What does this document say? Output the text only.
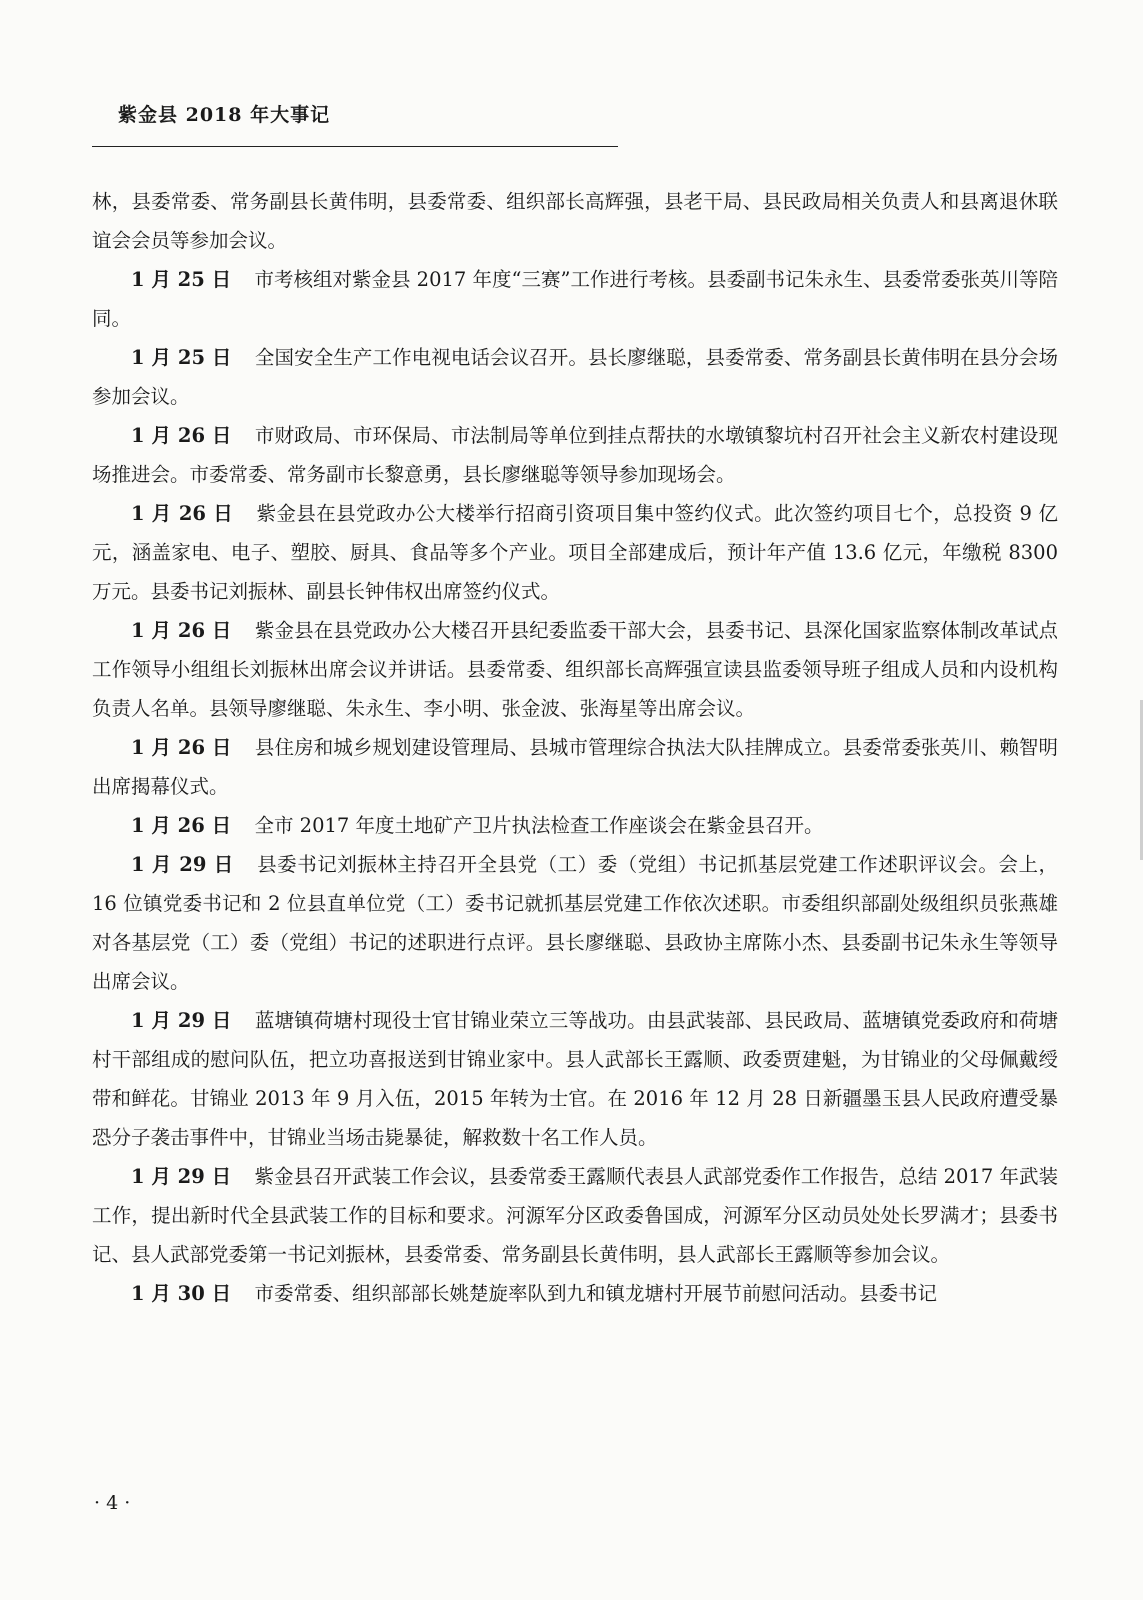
紫金县 2018 年大事记

林，县委常委、常务副县长黄伟明，县委常委、组织部长高辉强，县老干局、县民政局相关负责人和县离退休联谊会会员等参加会议。

1 月 25 日 市考核组对紫金县 2017 年度“三赛”工作进行考核。县委副书记朱永生、县委常委张英川等陪同。

1 月 25 日 全国安全生产工作电视电话会议召开。县长廖继聪，县委常委、常务副县长黄伟明在县分会场参加会议。

1 月 26 日 市财政局、市环保局、市法制局等单位到挂点帮扶的水墩镇黎坑村召开社会主义新农村建设现场推进会。市委常委、常务副市长黎意勇，县长廖继聪等领导参加现场会。

1 月 26 日 紫金县在县党政办公大楼举行招商引资项目集中签约仪式。此次签约项目七个，总投资 9 亿元，涵盖家电、电子、塑胶、厨具、食品等多个产业。项目全部建成后，预计年产值 13.6 亿元，年缴税 8300 万元。县委书记刘振林、副县长钟伟权出席签约仪式。

1 月 26 日 紫金县在县党政办公大楼召开县纪委监委干部大会，县委书记、县深化国家监察体制改革试点工作领导小组组长刘振林出席会议并讲话。县委常委、组织部长高辉强宣读县监委领导班子组成人员和内设机构负责人名单。县领导廖继聪、朱永生、李小明、张金波、张海星等出席会议。

1 月 26 日 县住房和城乡规划建设管理局、县城市管理综合执法大队挂牌成立。县委常委张英川、赖智明出席揭幕仪式。

1 月 26 日 全市 2017 年度土地矿产卫片执法检查工作座谈会在紫金县召开。

1 月 29 日 县委书记刘振林主持召开全县党（工）委（党组）书记抓基层党建工作述职评议会。会上，16 位镇党委书记和 2 位县直单位党（工）委书记就抓基层党建工作依次述职。市委组织部副处级组织员张燕雄对各基层党（工）委（党组）书记的述职进行点评。县长廖继聪、县政协主席陈小杰、县委副书记朱永生等领导出席会议。

1 月 29 日 蓝塘镇荷塘村现役士官甘锦业荣立三等战功。由县武装部、县民政局、蓝塘镇党委政府和荷塘村干部组成的慰问队伍，把立功喜报送到甘锦业家中。县人武部长王露顺、政委贾建魁，为甘锦业的父母佩戴绶带和鲜花。甘锦业 2013 年 9 月入伍，2015 年转为士官。在 2016 年 12 月 28 日新疆墨玉县人民政府遭受暴恐分子袭击事件中，甘锦业当场击毙暴徒，解救数十名工作人员。

1 月 29 日 紫金县召开武装工作会议，县委常委王露顺代表县人武部党委作工作报告，总结 2017 年武装工作，提出新时代全县武装工作的目标和要求。河源军分区政委鲁国成，河源军分区动员处处长罗满才；县委书记、县人武部党委第一书记刘振林，县委常委、常务副县长黄伟明，县人武部长王露顺等参加会议。

1 月 30 日 市委常委、组织部部长姚楚旋率队到九和镇龙塘村开展节前慰问活动。县委书记

· 4 ·
